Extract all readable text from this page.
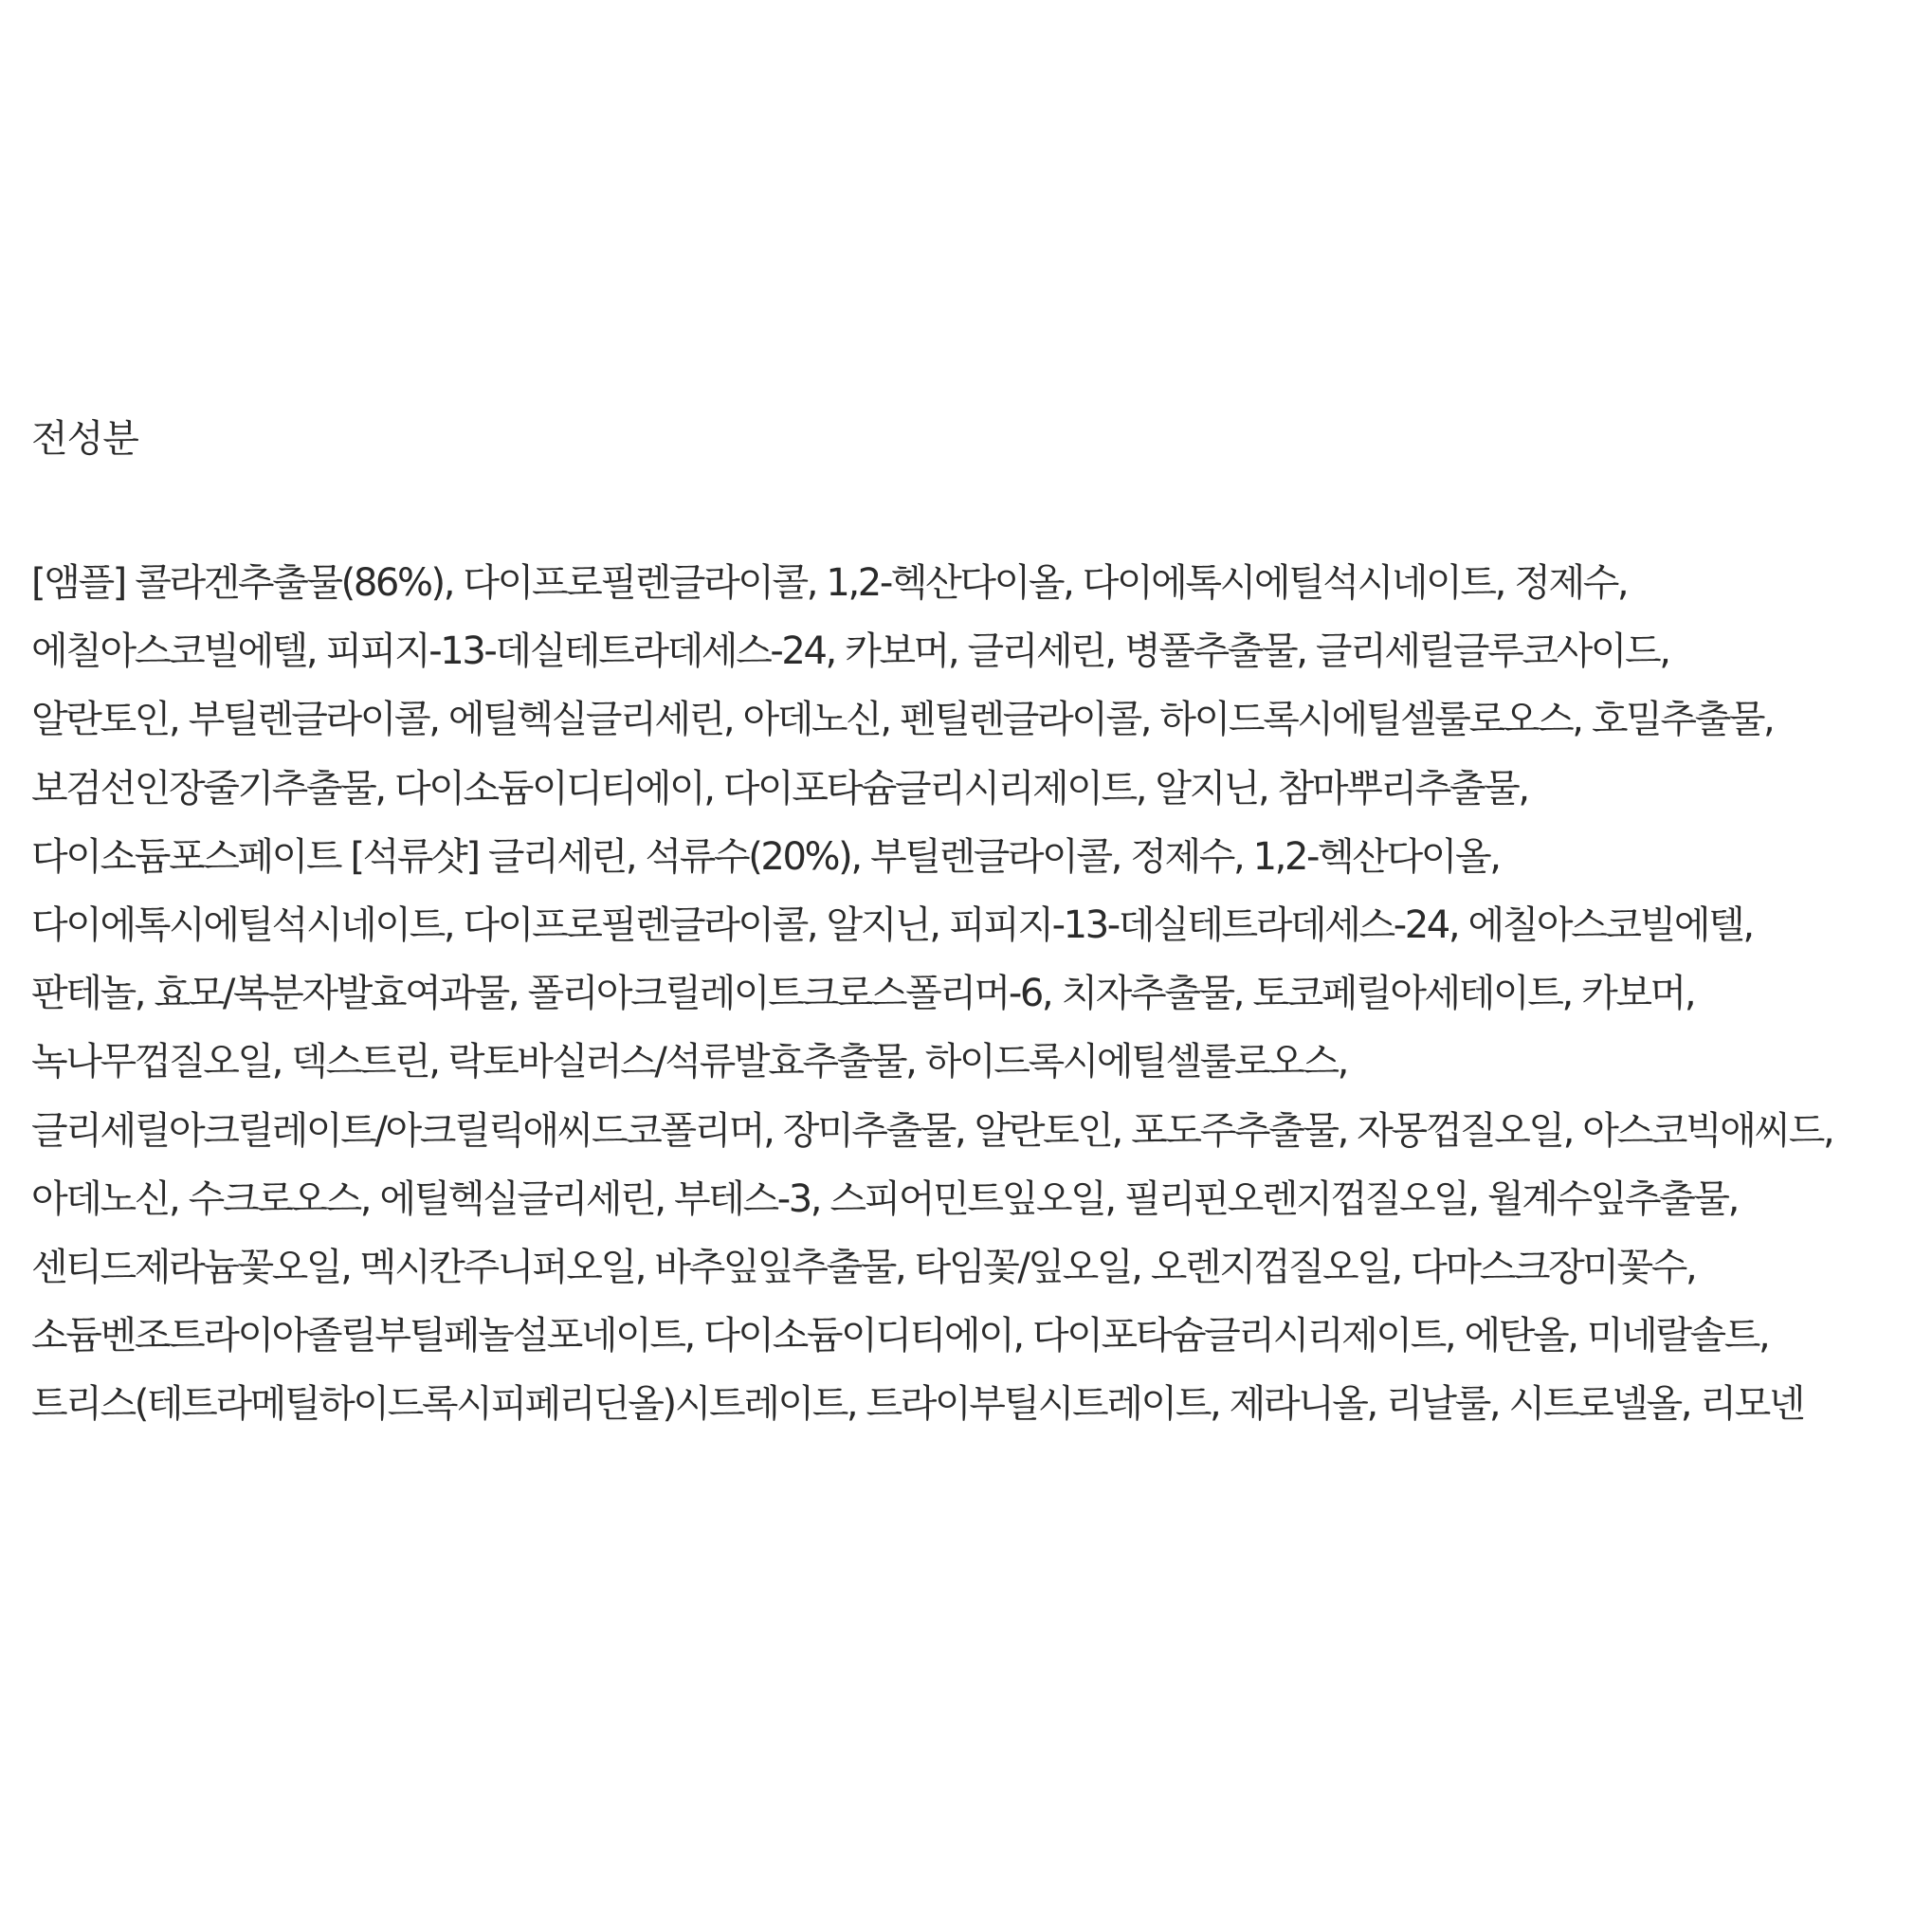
전성분
[앰플] 콜라겐추출물(86%), 다이프로필렌글라이콜, 1,2-헥산다이올, 다이에톡시에틸석시네이트, 정제수,
에칠아스코빌에텔, 피피지-13-데실테트라데세스-24, 카보머, 글리세린, 병풀추출물, 글리세릴글루코사이드,
알란토인, 부틸렌글라이콜, 에틸헥실글리세린, 아데노신, 펜틸렌글라이콜, 하이드록시에틸셀룰로오스, 호밀추출물,
보검선인장줄기추출물, 다이소듐이디티에이, 다이포타슘글리시리제이트, 알지닌, 참마뿌리추출물,
다이소듐포스페이트 [석류샷] 글리세린, 석류수(20%), 부틸렌글라이콜, 정제수, 1,2-헥산다이올,
다이에톡시에틸석시네이트, 다이프로필렌글라이콜, 알지닌, 피피지-13-데실테트라데세스-24, 에칠아스코빌에텔,
판테놀, 효모/복분자발효여과물, 폴리아크릴레이트크로스폴리머-6, 치자추출물, 토코페릴아세테이트, 카보머,
녹나무껍질오일, 덱스트린, 락토바실러스/석류발효추출물, 하이드록시에틸셀룰로오스,
글리세릴아크릴레이트/아크릴릭애씨드코폴리머, 장미추출물, 알란토인, 포도주추출물, 자몽껍질오일, 아스코빅애씨드,
아데노신, 수크로오스, 에틸헥실글리세린, 부테스-3, 스피어민트잎오일, 필리핀오렌지껍질오일, 월계수잎추출물,
센티드제라늄꽃오일, 멕시칸주니퍼오일, 바추잎잎추출물, 타임꽃/잎오일, 오렌지껍질오일, 다마스크장미꽃수,
소듐벤조트라이아졸릴부틸페놀설포네이트, 다이소듐이디티에이, 다이포타슘글리시리제이트, 에탄올, 미네랄솔트,
트리스(테트라메틸하이드록시피페리딘올)시트레이트, 트라이부틸시트레이트, 제라니올, 리날룰, 시트로넬올, 리모넨
